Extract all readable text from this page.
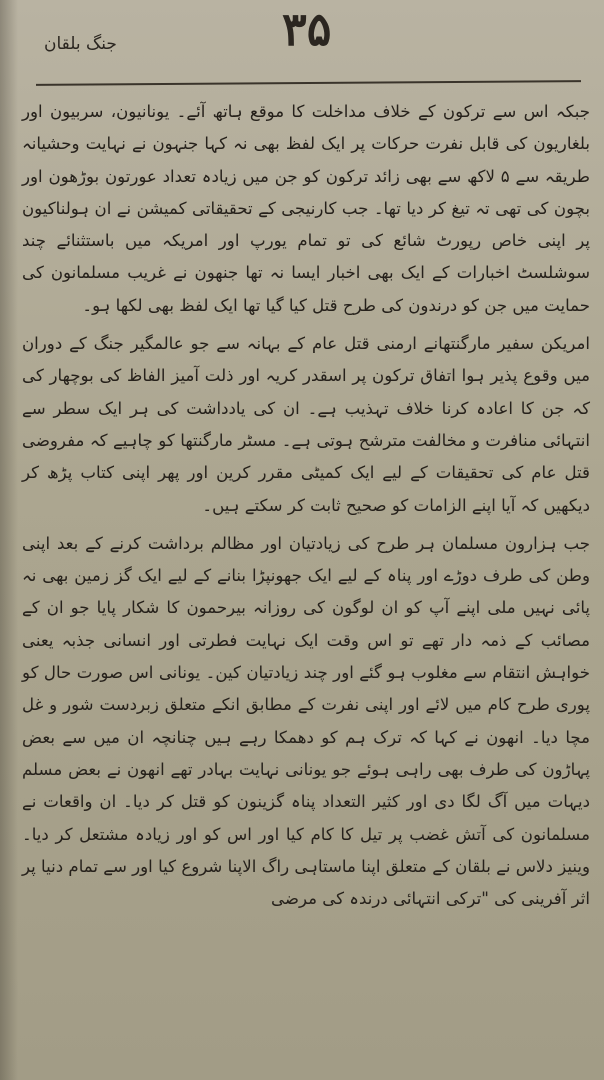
۳۵
جنگ بلقان

جبکہ اس سے ترکون کے خلاف مداخلت کا موقع ہاتھ آئے۔ یونانیون، سربیون اور بلغاریون کی قابل نفرت حرکات پر ایک لفظ بھی نہ کہا جنہون نے نہایت وحشیانہ طریقہ سے ۵ لاکھ سے بھی زائد ترکون کو جن میں زیادہ تعداد عورتون بوڑھون اور بچون کی تھی تہ تیغ کر دیا تھا۔ جب کارنیجی کے تحقیقاتی کمیشن نے ان ہولناکیون پر اپنی خاص رپورٹ شائع کی تو تمام یورپ اور امریکہ میں باستثنائے چند سوشلسٹ اخبارات کے ایک بھی اخبار ایسا نہ تھا جنھون نے غریب مسلمانون کی حمایت میں جن کو درندون کی طرح قتل کیا گیا تھا ایک لفظ بھی لکھا ہو۔

امریکن سفیر مارگنتھانے ارمنی قتل عام کے بہانہ سے جو عالمگیر جنگ کے دوران میں وقوع پذیر ہوا اتفاق ترکون پر اسقدر کریہ اور ذلت آمیز الفاظ کی بوچھار کی کہ جن کا اعادہ کرنا خلاف تہذیب ہے۔ ان کی یادداشت کی ہر ایک سطر سے انتہائی منافرت و مخالفت مترشح ہوتی ہے۔ مسٹر مارگنتھا کو چاہیے کہ مفروضی قتل عام کی تحقیقات کے لیے ایک کمیٹی مقرر کرین اور پھر اپنی کتاب پڑھ کر دیکھیں کہ آیا اپنے الزامات کو صحیح ثابت کر سکتے ہیں۔

جب ہزارون مسلمان ہر طرح کی زیادتیان اور مظالم برداشت کرنے کے بعد اپنی وطن کی طرف دوڑے اور پناہ کے لیے ایک جھونپڑا بنانے کے لیے ایک گز زمین بھی نہ پائی نہیں ملی اپنے آپ کو ان لوگون کی روزانہ بیرحمون کا شکار پایا جو ان کے مصائب کے ذمہ دار تھے تو اس وقت ایک نہایت فطرتی اور انسانی جذبہ یعنی خواہش انتقام سے مغلوب ہو گئے اور چند زیادتیان کین۔ یونانی اس صورت حال کو پوری طرح کام میں لائے اور اپنی نفرت کے مطابق انکے متعلق زبردست شور و غل مچا دیا۔ انھون نے کہا کہ ترک ہم کو دھمکا رہے ہیں چنانچہ ان میں سے بعض پہاڑون کی طرف بھی راہی ہوئے جو یونانی نہایت بہادر تھے انھون نے بعض مسلم دیہات میں آگ لگا دی اور کثیر التعداد پناہ گزینون کو قتل کر دیا۔ ان واقعات نے مسلمانون کی آتش غضب پر تیل کا کام کیا اور اس کو اور زیادہ مشتعل کر دیا۔ وینیز دلاس نے بلقان کے متعلق اپنا ماستاہی راگ الاپنا شروع کیا اور سے تمام دنیا پر اثر آفرینی کی "ترکی انتہائی درندہ کی مرضی
